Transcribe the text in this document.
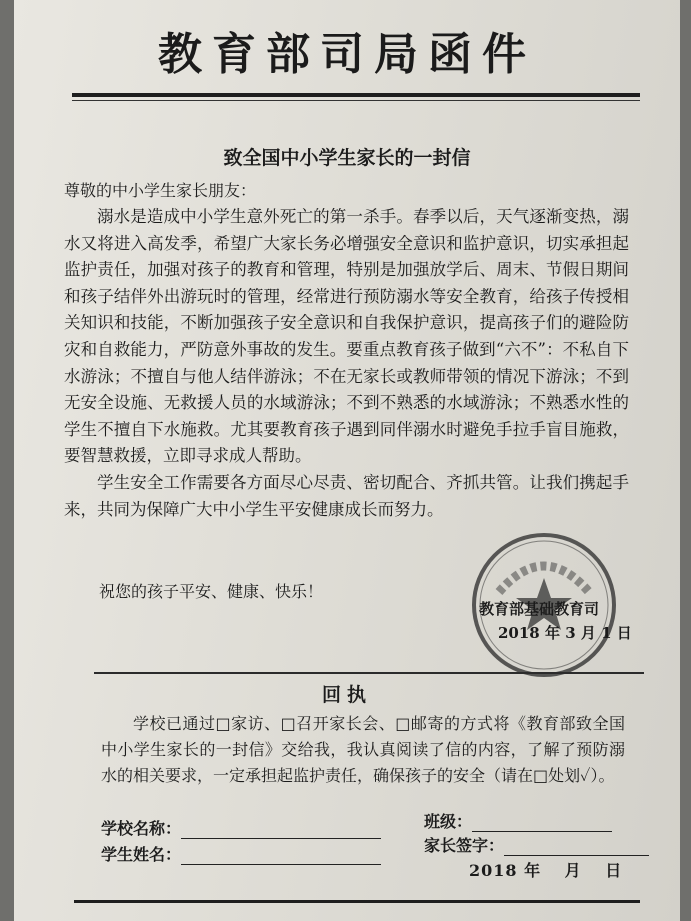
教育部司局函件
致全国中小学生家长的一封信
尊敬的中小学生家长朋友：

溺水是造成中小学生意外死亡的第一杀手。春季以后，天气逐渐变热，溺水又将进入高发季，希望广大家长务必增强安全意识和监护意识，切实承担起监护责任，加强对孩子的教育和管理，特别是加强放学后、周末、节假日期间和孩子结伴外出游玩时的管理，经常进行预防溺水等安全教育，给孩子传授相关知识和技能，不断加强孩子安全意识和自我保护意识，提高孩子们的避险防灾和自救能力，严防意外事故的发生。要重点教育孩子做到“六不”：不私自下水游泳；不擅自与他人结伴游泳；不在无家长或教师带领的情况下游泳；不到无安全设施、无救援人员的水域游泳；不到不熟悉的水域游泳；不熟悉水性的学生不擅自下水施救。尤其要教育孩子遇到同伴溺水时避免手拉手盲目施救，要智慧救援，立即寻求成人帮助。

学生安全工作需要各方面尽心尽责、密切配合、齐抓共管。让我们携起手来，共同为保障广大中小学生平安健康成长而努力。

祝您的孩子平安、健康、快乐！
教育部基础教育司
2018 年 3 月 1 日
回执

学校已通过□家访、□召开家长会、□邮寄的方式将《教育部致全国中小学生家长的一封信》交给我，我认真阅读了信的内容，了解了预防溺水的相关要求，一定承担起监护责任，确保孩子的安全（请在□处划✓）。

学校名称：	班级：
学生姓名：	家长签字：
2018 年　 月　 日
